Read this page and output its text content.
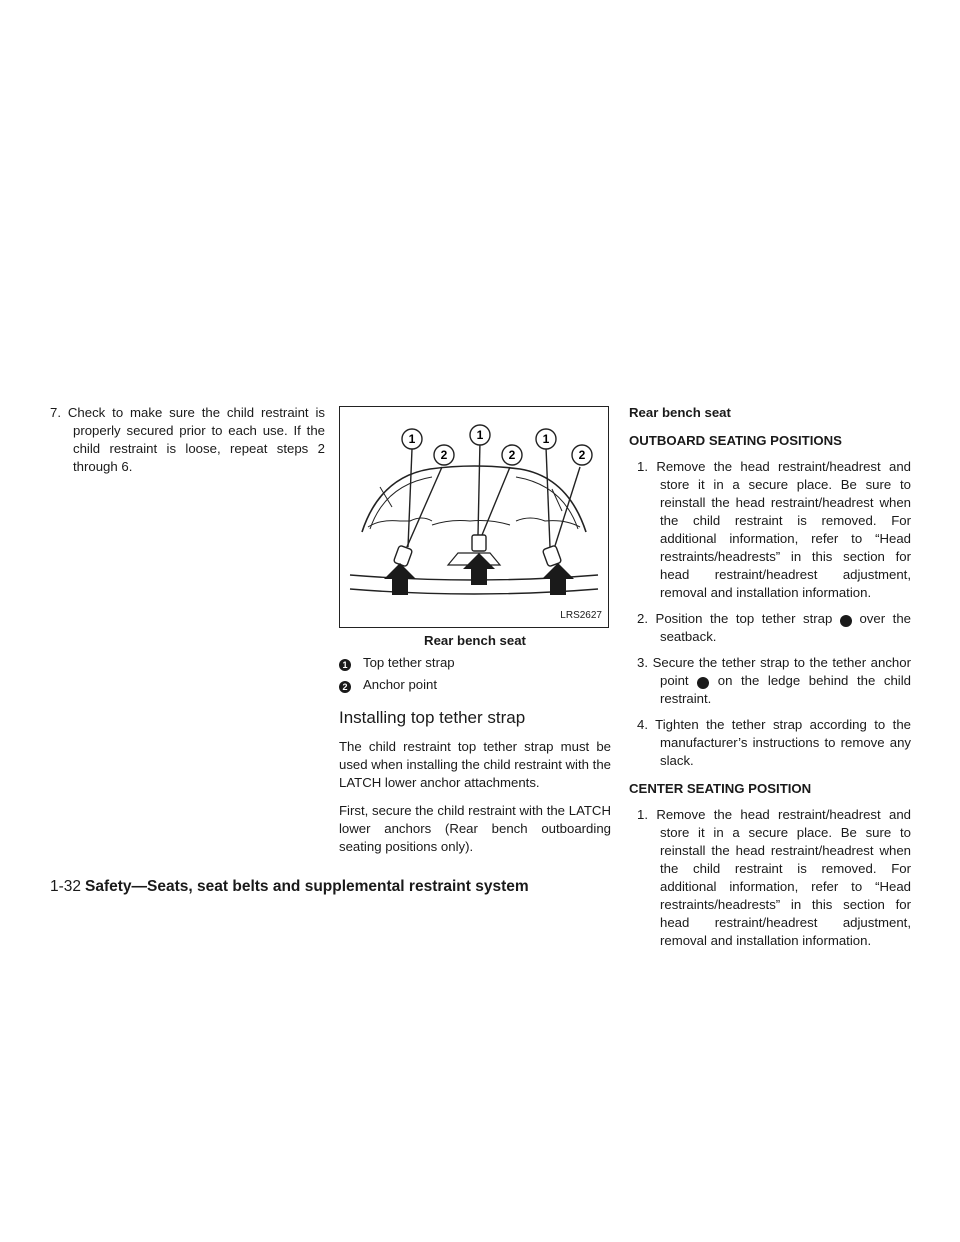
7. Check to make sure the child restraint is properly secured prior to each use. If the child restraint is loose, repeat steps 2 through 6.
1
2
1
2
1
2
LRS2627
Rear bench seat
1 Top tether strap
2 Anchor point
Installing top tether strap

The child restraint top tether strap must be used when installing the child restraint with the LATCH lower anchor attachments.

First, secure the child restraint with the LATCH lower anchors (Rear bench outboarding seating positions only).

Rear bench seat
OUTBOARD SEATING POSITIONS
1. Remove the head restraint/headrest and store it in a secure place. Be sure to reinstall the head restraint/headrest when the child restraint is removed. For additional information, refer to “Head restraints/headrests” in this section for head restraint/headrest adjustment, removal and installation information.
2. Position the top tether strap 1 over the seatback.
3. Secure the tether strap to the tether anchor point 2 on the ledge behind the child restraint.
4. Tighten the tether strap according to the manufacturer’s instructions to remove any slack.
CENTER SEATING POSITION
1. Remove the head restraint/headrest and store it in a secure place. Be sure to reinstall the head restraint/headrest when the child restraint is removed. For additional information, refer to “Head restraints/headrests” in this section for head restraint/headrest adjustment, removal and installation information.
1-32 Safety—Seats, seat belts and supplemental restraint system
